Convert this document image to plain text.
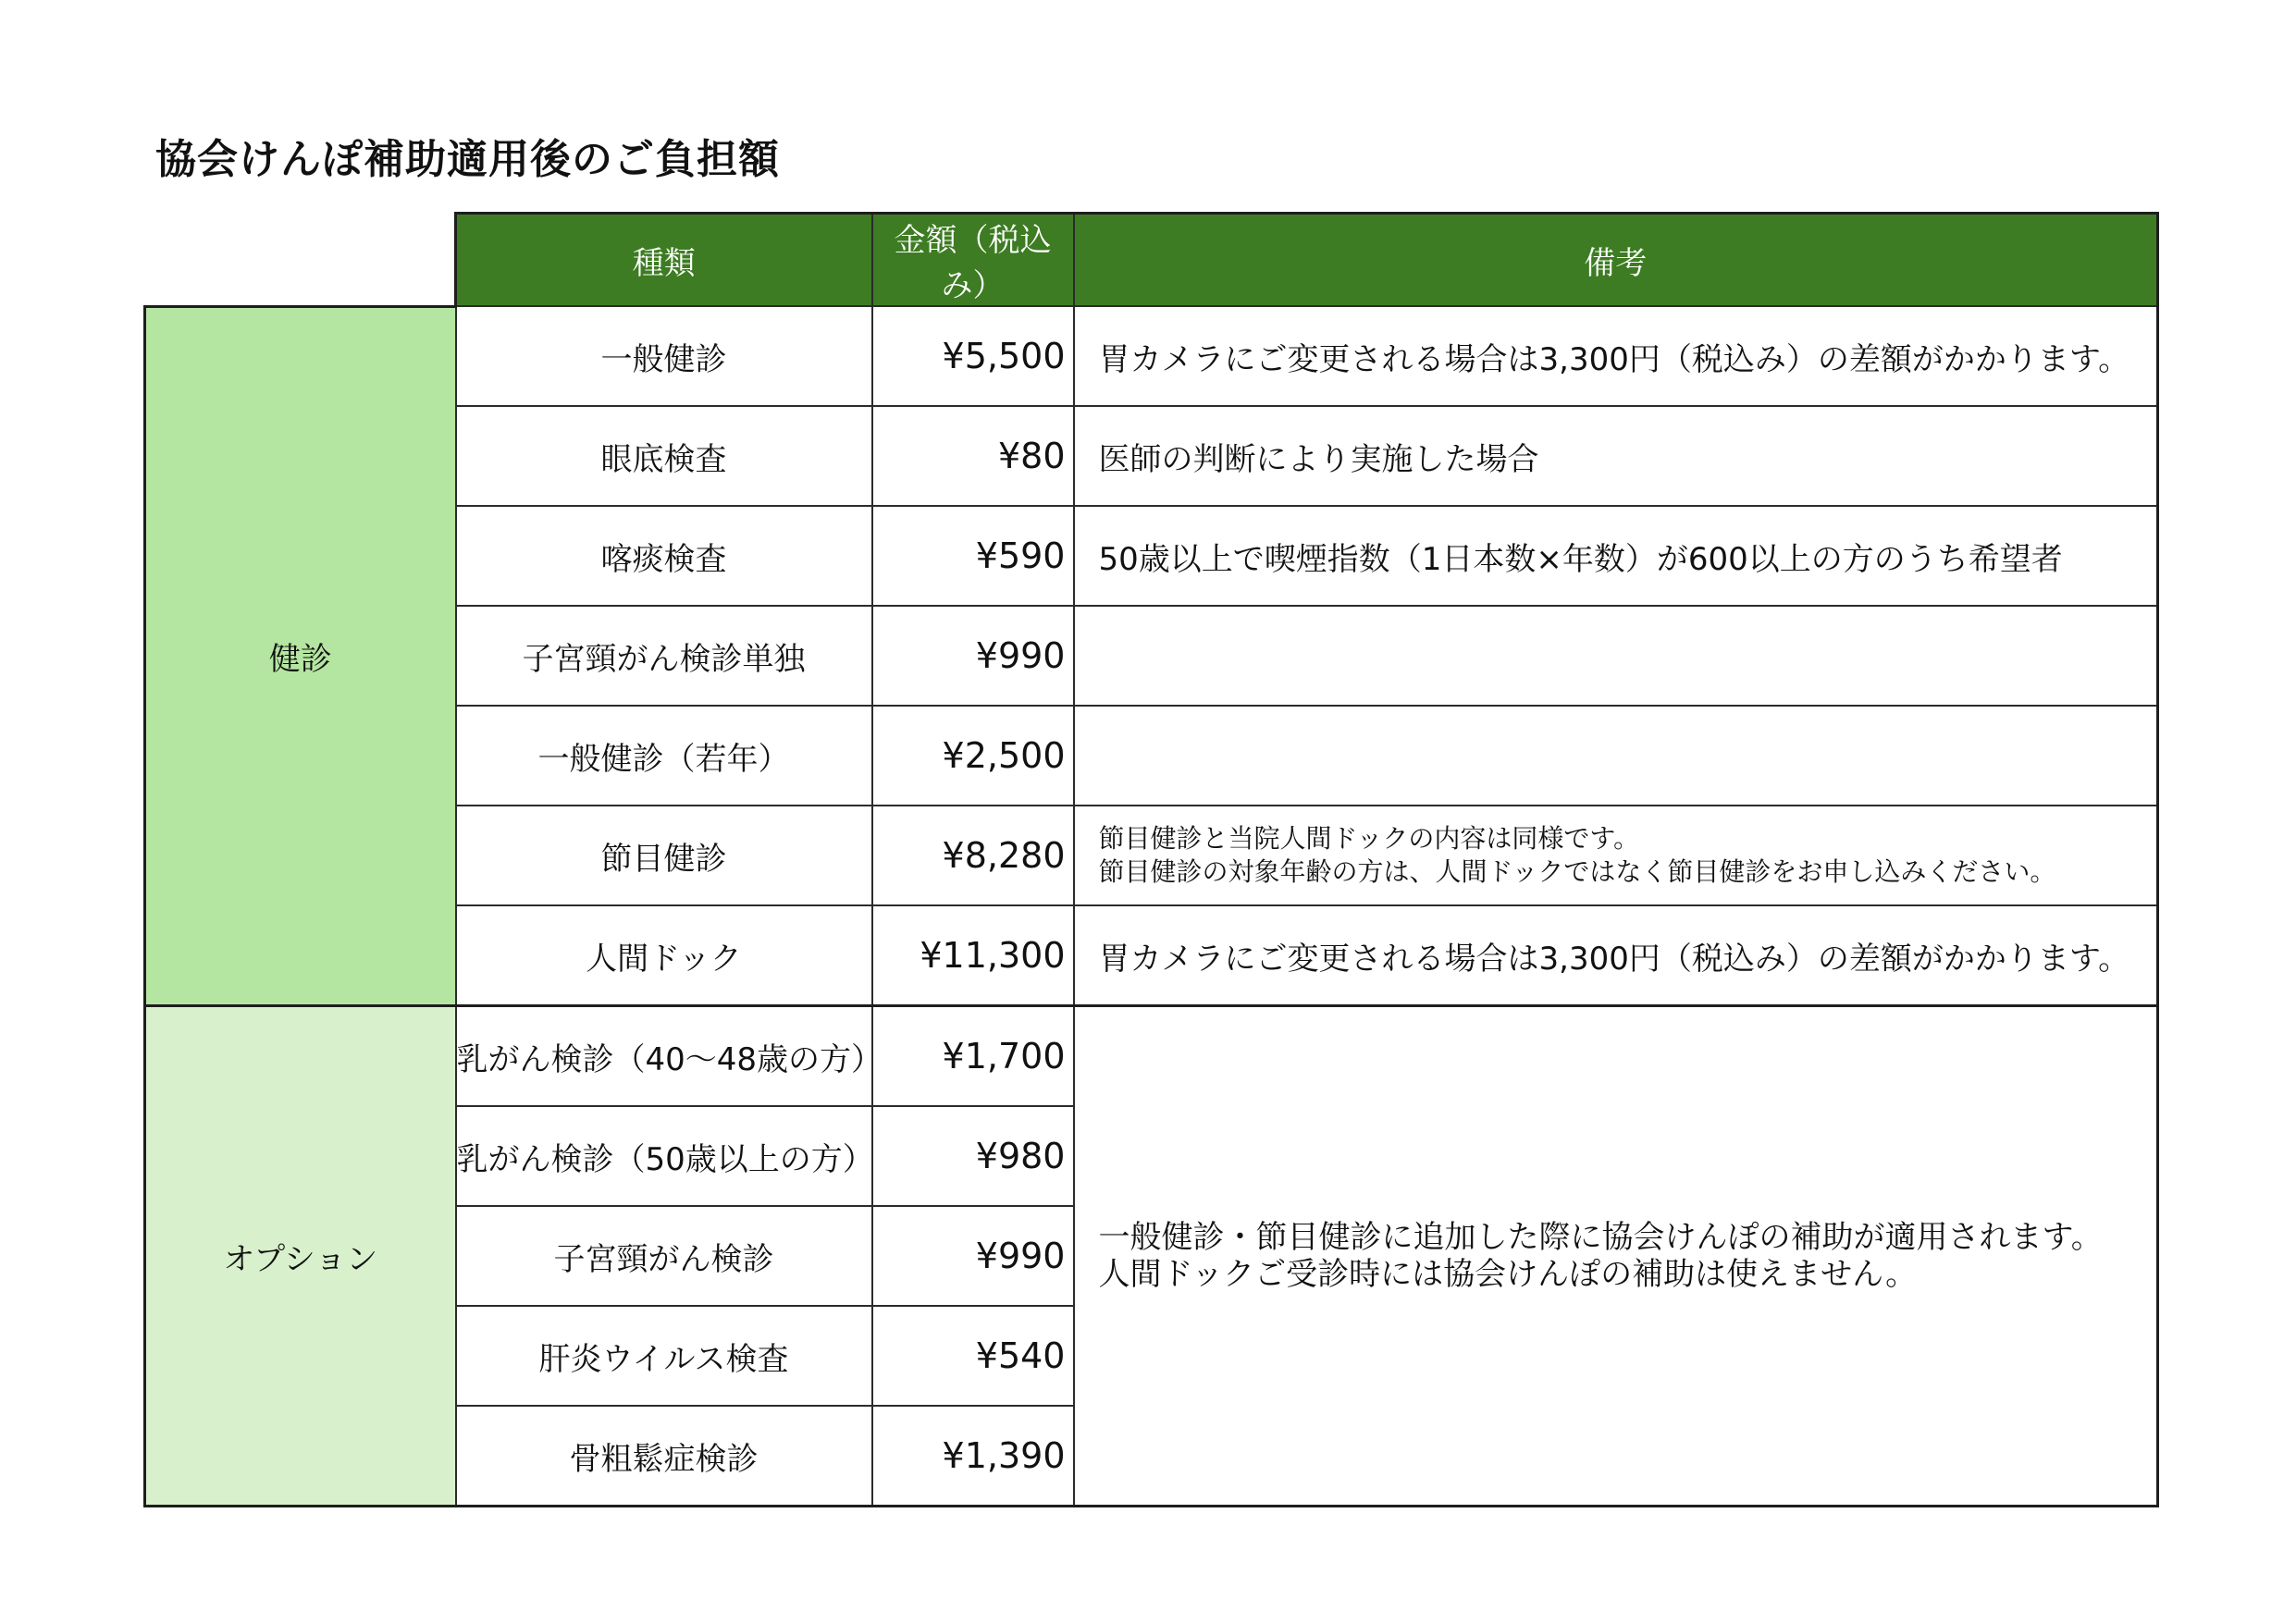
協会けんぽ補助適用後のご負担額
	種類	金額（税込み）	備考
健診	一般健診	¥5,500	胃カメラにご変更される場合は3,300円（税込み）の差額がかかります。
	眼底検査	¥80	医師の判断により実施した場合
	喀痰検査	¥590	50歳以上で喫煙指数（1日本数×年数）が600以上の方のうち希望者
	子宮頸がん検診単独	¥990	
	一般健診（若年）	¥2,500	
	節目健診	¥8,280	節目健診と当院人間ドックの内容は同様です。
節目健診の対象年齢の方は、人間ドックではなく節目健診をお申し込みください。

	人間ドック	¥11,300	胃カメラにご変更される場合は3,300円（税込み）の差額がかかります。
オプション	乳がん検診（40～48歳の方）	¥1,700	一般健診・節目健診に追加した際に協会けんぽの補助が適用されます。
人間ドックご受診時には協会けんぽの補助は使えません。

	乳がん検診（50歳以上の方）	¥980	
	子宮頸がん検診	¥990	
	肝炎ウイルス検査	¥540	
	骨粗鬆症検診	¥1,390	
